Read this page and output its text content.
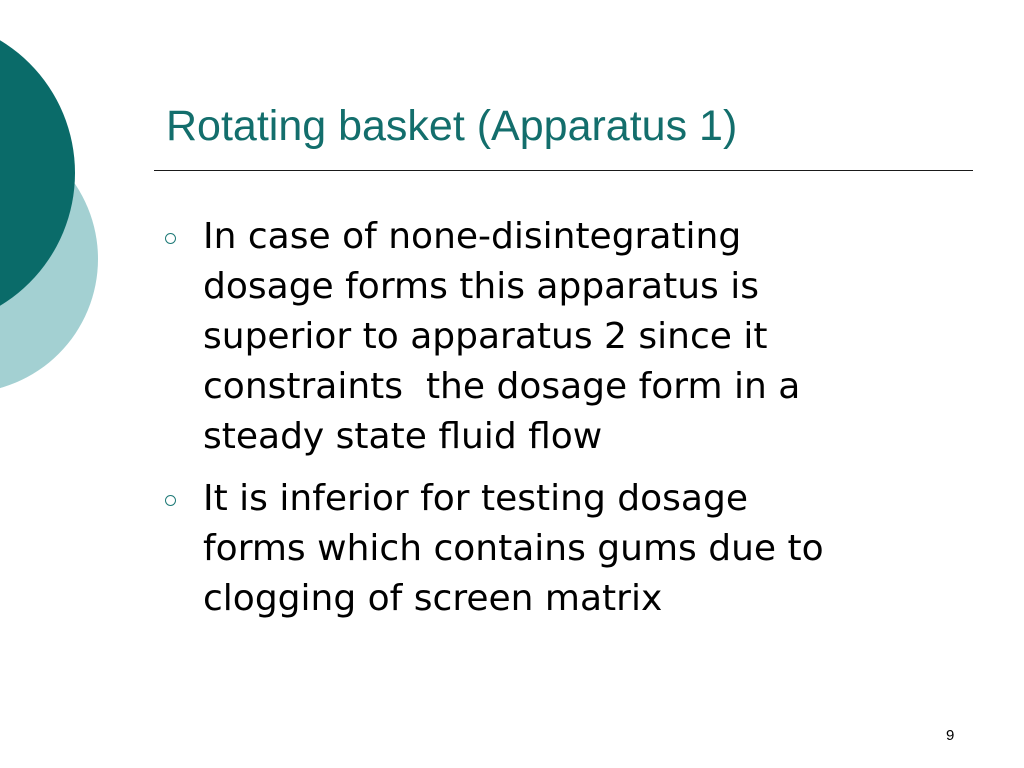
Rotating basket (Apparatus 1)
In case of none-disintegrating
dosage forms this apparatus is
superior to apparatus 2 since it
constraints  the dosage form in a
steady state fluid flow
It is inferior for testing dosage
forms which contains gums due to
clogging of screen matrix
9
